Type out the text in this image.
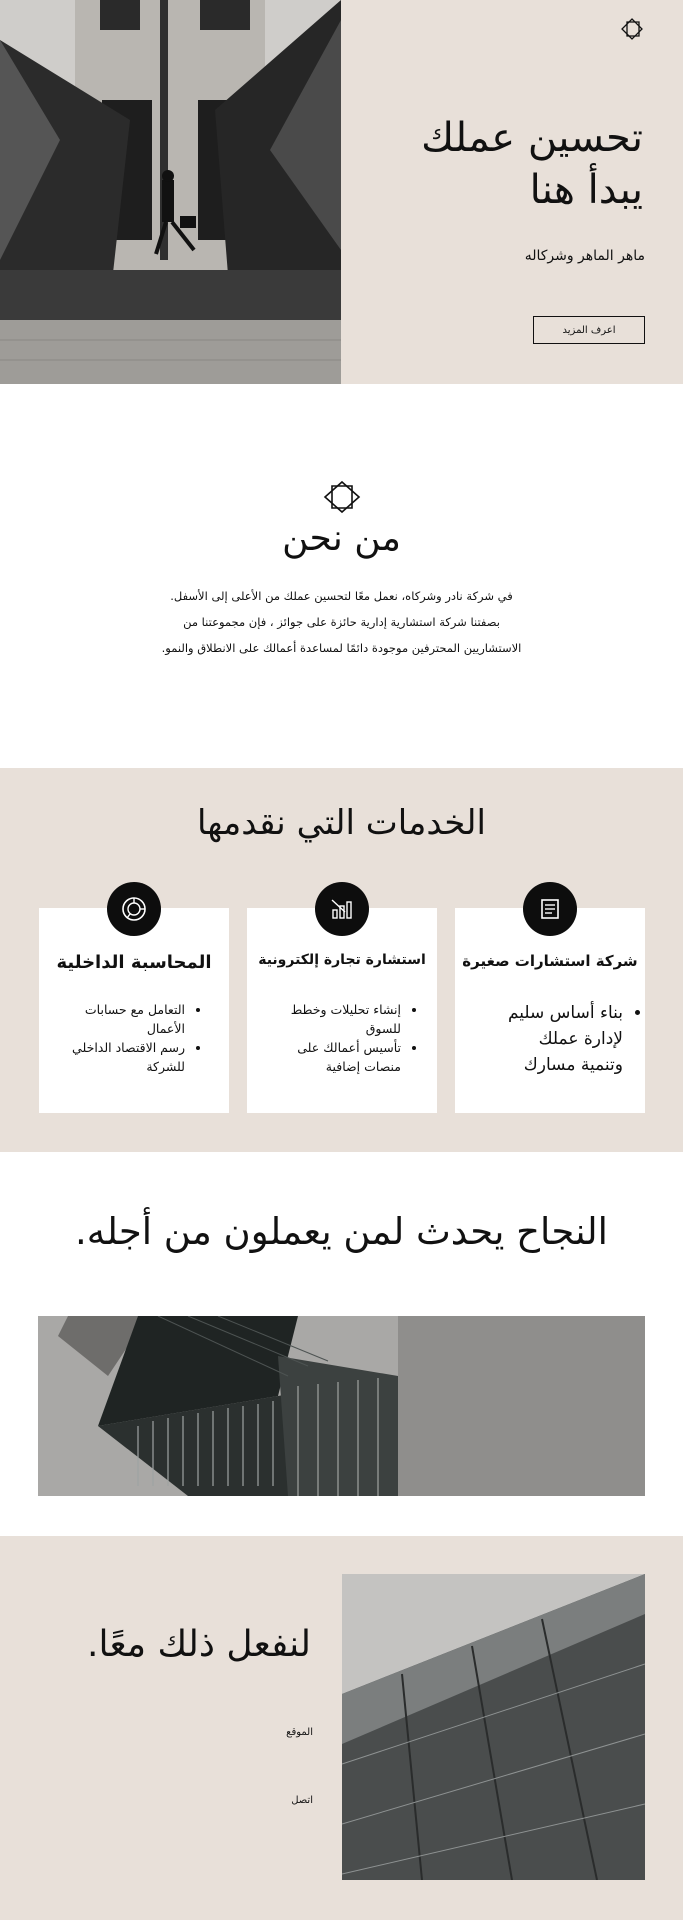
تحسين عملك
يبدأ هنا

ماهر الماهر وشركاله

اعرف المزيد
من نحن
في شركة نادر وشركاه، نعمل معًا لتحسين عملك من الأعلى إلى الأسفل.
بصفتنا شركة استشارية إدارية حائزة على جوائز ، فإن مجموعتنا من
الاستشاريين المحترفين موجودة دائمًا لمساعدة أعمالك على الانطلاق والنمو.
الخدمات التي نقدمها
شركة استشارات صغيرة
• بناء أساس سليم
لإدارة عملك
وتنمية مسارك
استشارة تجارة إلكترونية
• إنشاء تحليلات وخطط
للسوق
• تأسيس أعمالك على
منصات إضافية
المحاسبة الداخلية
• التعامل مع حسابات
الأعمال
• رسم الاقتصاد الداخلي
للشركة
النجاح يحدث لمن يعملون من أجله.
لنفعل ذلك معًا.
الموقع
اتصل
